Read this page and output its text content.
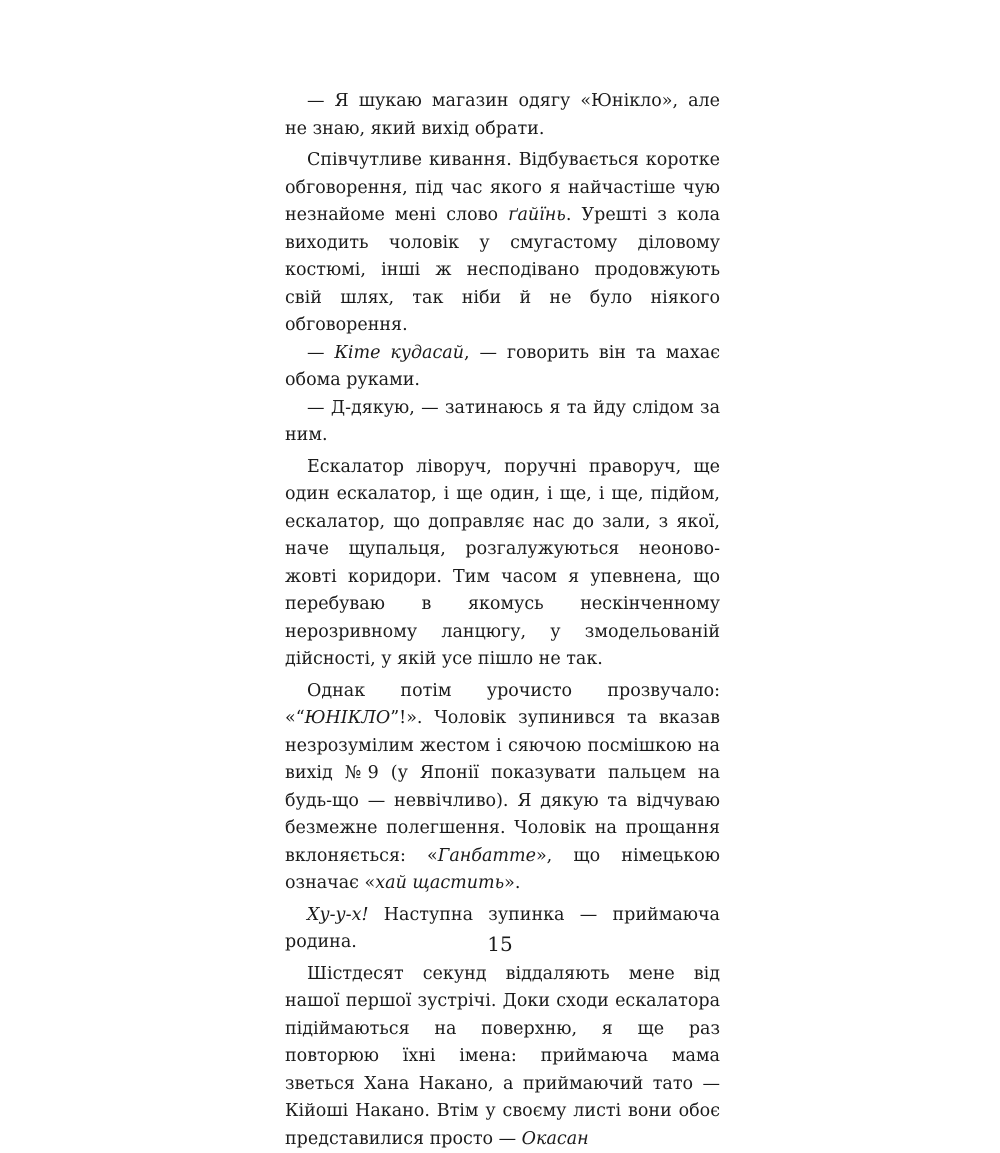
— Я шукаю магазин одягу «Юнікло», але не знаю, який вихід обрати.

Співчутливе кивання. Відбувається коротке обговорення, під час якого я найчастіше чую незнайоме мені слово ґайїнь. Урешті з кола виходить чоловік у смугастому діловому костюмі, інші ж несподівано продовжують свій шлях, так ніби й не було ніякого обговорення.

— Кіте кудасай, — говорить він та махає обома руками.

— Д-дякую, — затинаюсь я та йду слідом за ним.

Ескалатор ліворуч, поручні праворуч, ще один ескалатор, і ще один, і ще, і ще, підйом, ескалатор, що доправляє нас до зали, з якої, наче щупальця, розгалужуються неоново-жовті коридори. Тим часом я упевнена, що перебуваю в якомусь нескінченному нерозривному ланцюгу, у змодельованій дійсності, у якій усе пішло не так.

Однак потім урочисто прозвучало: «“ЮНІКЛО”!». Чоловік зупинився та вказав незрозумілим жестом і сяючою посмішкою на вихід №9 (у Японії показувати пальцем на будь-що — неввічливо). Я дякую та відчуваю безмежне полегшення. Чоловік на прощання вклоняється: «Ганбатте», що німецькою означає «хай щастить».

Ху-у-х! Наступна зупинка — приймаюча родина.

Шістдесят секунд віддаляють мене від нашої першої зустрічі. Доки сходи ескалатора підіймаються на поверхню, я ще раз повторюю їхні імена: приймаюча мама зветься Хана Накано, а приймаючий тато — Кійоші Накано. Втім у своєму листі вони обоє представилися просто — Окасан

15
